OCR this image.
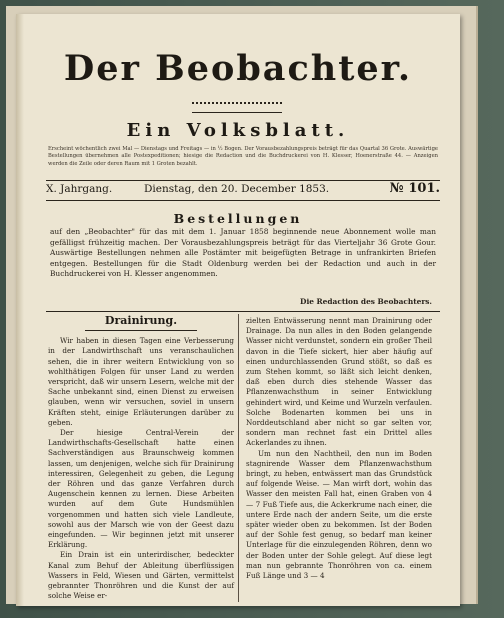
Der Beobachter.
Ein Volksblatt.
Erscheint wöchentlich zwei Mal — Dienstags und Freitags — in ½ Bogen. Der Vorausbezahlungspreis beträgt für das Quartal 36 Grote. Auswärtige Bestellungen übernehmen alle Postexpeditionen; hiesige die Redaction und die Buchdruckerei von H. Klesser, Hoenerstraße 44. — Anzeigen werden die Zeile oder deren Raum mit 1 Groten bezahlt.
X. Jahrgang.	Dienstag, den 20. December 1853.	№ 101.
Bestellungen
auf den „Beobachter" für das mit dem 1. Januar 1858 beginnende neue Abonnement wolle man gefälligst frühzeitig machen. Der Vorausbezahlungspreis beträgt für das Vierteljahr 36 Grote Gour. Auswärtige Bestellungen nehmen alle Postämter mit beigefügten Betrage in unfrankirten Briefen entgegen. Bestellungen für die Stadt Oldenburg werden bei der Redaction und auch in der Buchdruckerei von H. Klesser angenommen.
Die Redaction des Beobachters.
Drainirung.

Wir haben in diesen Tagen eine Verbesserung in der Landwirthschaft uns veranschaulichen sehen, die in ihrer weitern Entwicklung von so wohlthätigen Folgen für unser Land zu werden verspricht, daß wir unsern Lesern, welche mit der Sache unbekannt sind, einen Dienst zu erweisen glauben, wenn wir versuchen, soviel in unsern Kräften steht, einige Erläuterungen darüber zu geben.

Der hiesige Central-Verein der Landwirthschafts-Gesellschaft hatte einen Sachverständigen aus Braunschweig kommen lassen, um denjenigen, welche sich für Drainirung interessiren, Gelegenheit zu geben, die Legung der Röhren und das ganze Verfahren durch Augenschein kennen zu lernen. Diese Arbeiten wurden auf dem Gute Hundsmühlen vorgenommen und hatten sich viele Landleute, sowohl aus der Marsch wie von der Geest dazu eingefunden. — Wir beginnen jetzt mit unserer Erklärung.

Ein Drain ist ein unterirdischer, bedeckter Kanal zum Behuf der Ableitung überflüssigen Wassers in Feld, Wiesen und Gärten, vermittelst gebrannter Thonröhren und die Kunst der auf solche Weise er-

zielten Entwässerung nennt man Drainirung oder Drainage. Da nun alles in den Boden gelangende Wasser nicht verdunstet, sondern ein großer Theil davon in die Tiefe sickert, hier aber häufig auf einen undurchlassenden Grund stößt, so daß es zum Stehen kommt, so läßt sich leicht denken, daß eben durch dies stehende Wasser das Pflanzenwachsthum in seiner Entwicklung gehindert wird, und Keime und Wurzeln verfaulen. Solche Bodenarten kommen bei uns in Norddeutschland aber nicht so gar selten vor, sondern man rechnet fast ein Drittel alles Ackerlandes zu ihnen.

Um nun den Nachtheil, den nun im Boden stagnirende Wasser dem Pflanzenwachsthum bringt, zu heben, entwässert man das Grundstück auf folgende Weise. — Man wirft dort, wohin das Wasser den meisten Fall hat, einen Graben von 4 — 7 Fuß Tiefe aus, die Ackerkrume nach einer, die untere Erde nach der andern Seite, um die erste später wieder oben zu bekommen. Ist der Boden auf der Sohle fest genug, so bedarf man keiner Unterlage für die einzulegenden Röhren, denn wo der Boden unter der Sohle gelegt. Auf diese legt man nun gebrannte Thonröhren von ca. einem Fuß Länge und 3 — 4
